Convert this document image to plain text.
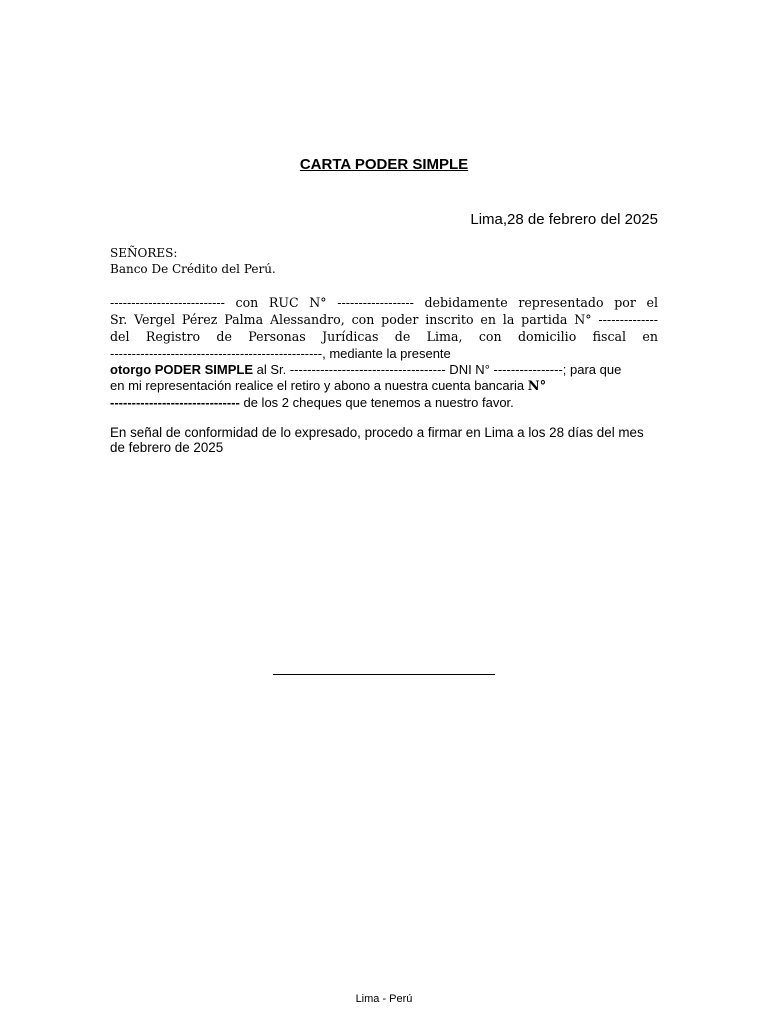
CARTA PODER SIMPLE
Lima,28 de febrero del 2025
SEÑORES:
Banco De Crédito del Perú.
--------------------------- con RUC N° ------------------ debidamente representado por el
Sr. Vergel Pérez Palma Alessandro, con poder inscrito en la partida N° --------------
del Registro de Personas Jurídicas de Lima, con domicilio fiscal en
-------------------------------------------------, mediante la presente
otorgo PODER SIMPLE al Sr. ------------------------------------ DNI N° ----------------; para que
en mi representación realice el retiro y abono a nuestra cuenta bancaria N°
------------------------------ de los 2 cheques que tenemos a nuestro favor.
En señal de conformidad de lo expresado, procedo a firmar en Lima a los 28 días del mes de febrero de 2025
Lima - Perú
